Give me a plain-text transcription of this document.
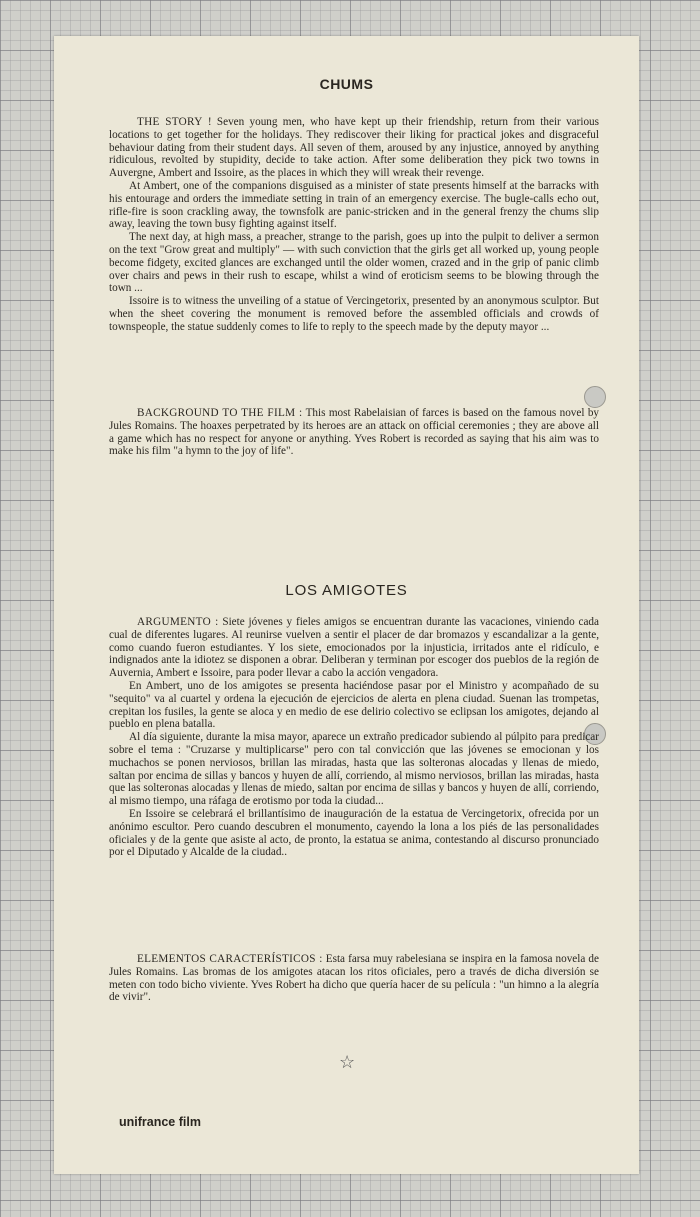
CHUMS

THE STORY ! Seven young men, who have kept up their friendship, return from their various locations to get together for the holidays. They rediscover their liking for practical jokes and disgraceful behaviour dating from their student days. All seven of them, aroused by any injustice, annoyed by anything ridiculous, revolted by stupidity, decide to take action. After some deliberation they pick two towns in Auvergne, Ambert and Issoire, as the places in which they will wreak their revenge.

At Ambert, one of the companions disguised as a minister of state presents himself at the barracks with his entourage and orders the immediate setting in train of an emergency exercise. The bugle-calls echo out, rifle-fire is soon crackling away, the townsfolk are panic-stricken and in the general frenzy the chums slip away, leaving the town busy fighting against itself.

The next day, at high mass, a preacher, strange to the parish, goes up into the pulpit to deliver a sermon on the text "Grow great and multiply" — with such conviction that the girls get all worked up, young people become fidgety, excited glances are exchanged until the older women, crazed and in the grip of panic climb over chairs and pews in their rush to escape, whilst a wind of eroticism seems to be blowing through the town ...

Issoire is to witness the unveiling of a statue of Vercingetorix, presented by an anonymous sculptor. But when the sheet covering the monument is removed before the assembled officials and crowds of townspeople, the statue suddenly comes to life to reply to the speech made by the deputy mayor ...

BACKGROUND TO THE FILM : This most Rabelaisian of farces is based on the famous novel by Jules Romains. The hoaxes perpetrated by its heroes are an attack on official ceremonies ; they are above all a game which has no respect for anyone or anything. Yves Robert is recorded as saying that his aim was to make his film "a hymn to the joy of life".

LOS AMIGOTES

ARGUMENTO : Siete jóvenes y fieles amigos se encuentran durante las vacaciones, viniendo cada cual de diferentes lugares. Al reunirse vuelven a sentir el placer de dar bromazos y escandalizar a la gente, como cuando fueron estudiantes. Y los siete, emocionados por la injusticia, irritados ante el ridículo, e indignados ante la idiotez se disponen a obrar. Deliberan y terminan por escoger dos pueblos de la región de Auvernia, Ambert e Issoire, para poder llevar a cabo la acción vengadora.

En Ambert, uno de los amigotes se presenta haciéndose pasar por el Ministro y acompañado de su "sequito" va al cuartel y ordena la ejecución de ejercicios de alerta en plena ciudad. Suenan las trompetas, crepitan los fusiles, la gente se aloca y en medio de ese delirio colectivo se eclipsan los amigotes, dejando al pueblo en plena batalla.

Al día siguiente, durante la misa mayor, aparece un extraño predicador subiendo al púlpito para predicar sobre el tema : "Cruzarse y multiplicarse" pero con tal convicción que las jóvenes se emocionan y los muchachos se ponen nerviosos, brillan las miradas, hasta que las solteronas alocadas y llenas de miedo, saltan por encima de sillas y bancos y huyen de allí, corriendo, al mismo nerviosos, brillan las miradas, hasta que las solteronas alocadas y llenas de miedo, saltan por encima de sillas y bancos y huyen de allí, corriendo, al mismo tiempo, una ráfaga de erotismo por toda la ciudad...

En Issoire se celebrará el brillantísimo de inauguración de la estatua de Vercingetorix, ofrecida por un anónimo escultor. Pero cuando descubren el monumento, cayendo la lona a los piés de las personalidades oficiales y de la gente que asiste al acto, de pronto, la estatua se anima, contestando al discurso pronunciado por el Diputado y Alcalde de la ciudad..

ELEMENTOS CARACTERÍSTICOS : Esta farsa muy rabelesiana se inspira en la famosa novela de Jules Romains. Las bromas de los amigotes atacan los ritos oficiales, pero a través de dicha diversión se meten con todo bicho viviente. Yves Robert ha dicho que quería hacer de su película : "un himno a la alegría de vivir".

☆
unifrance film
